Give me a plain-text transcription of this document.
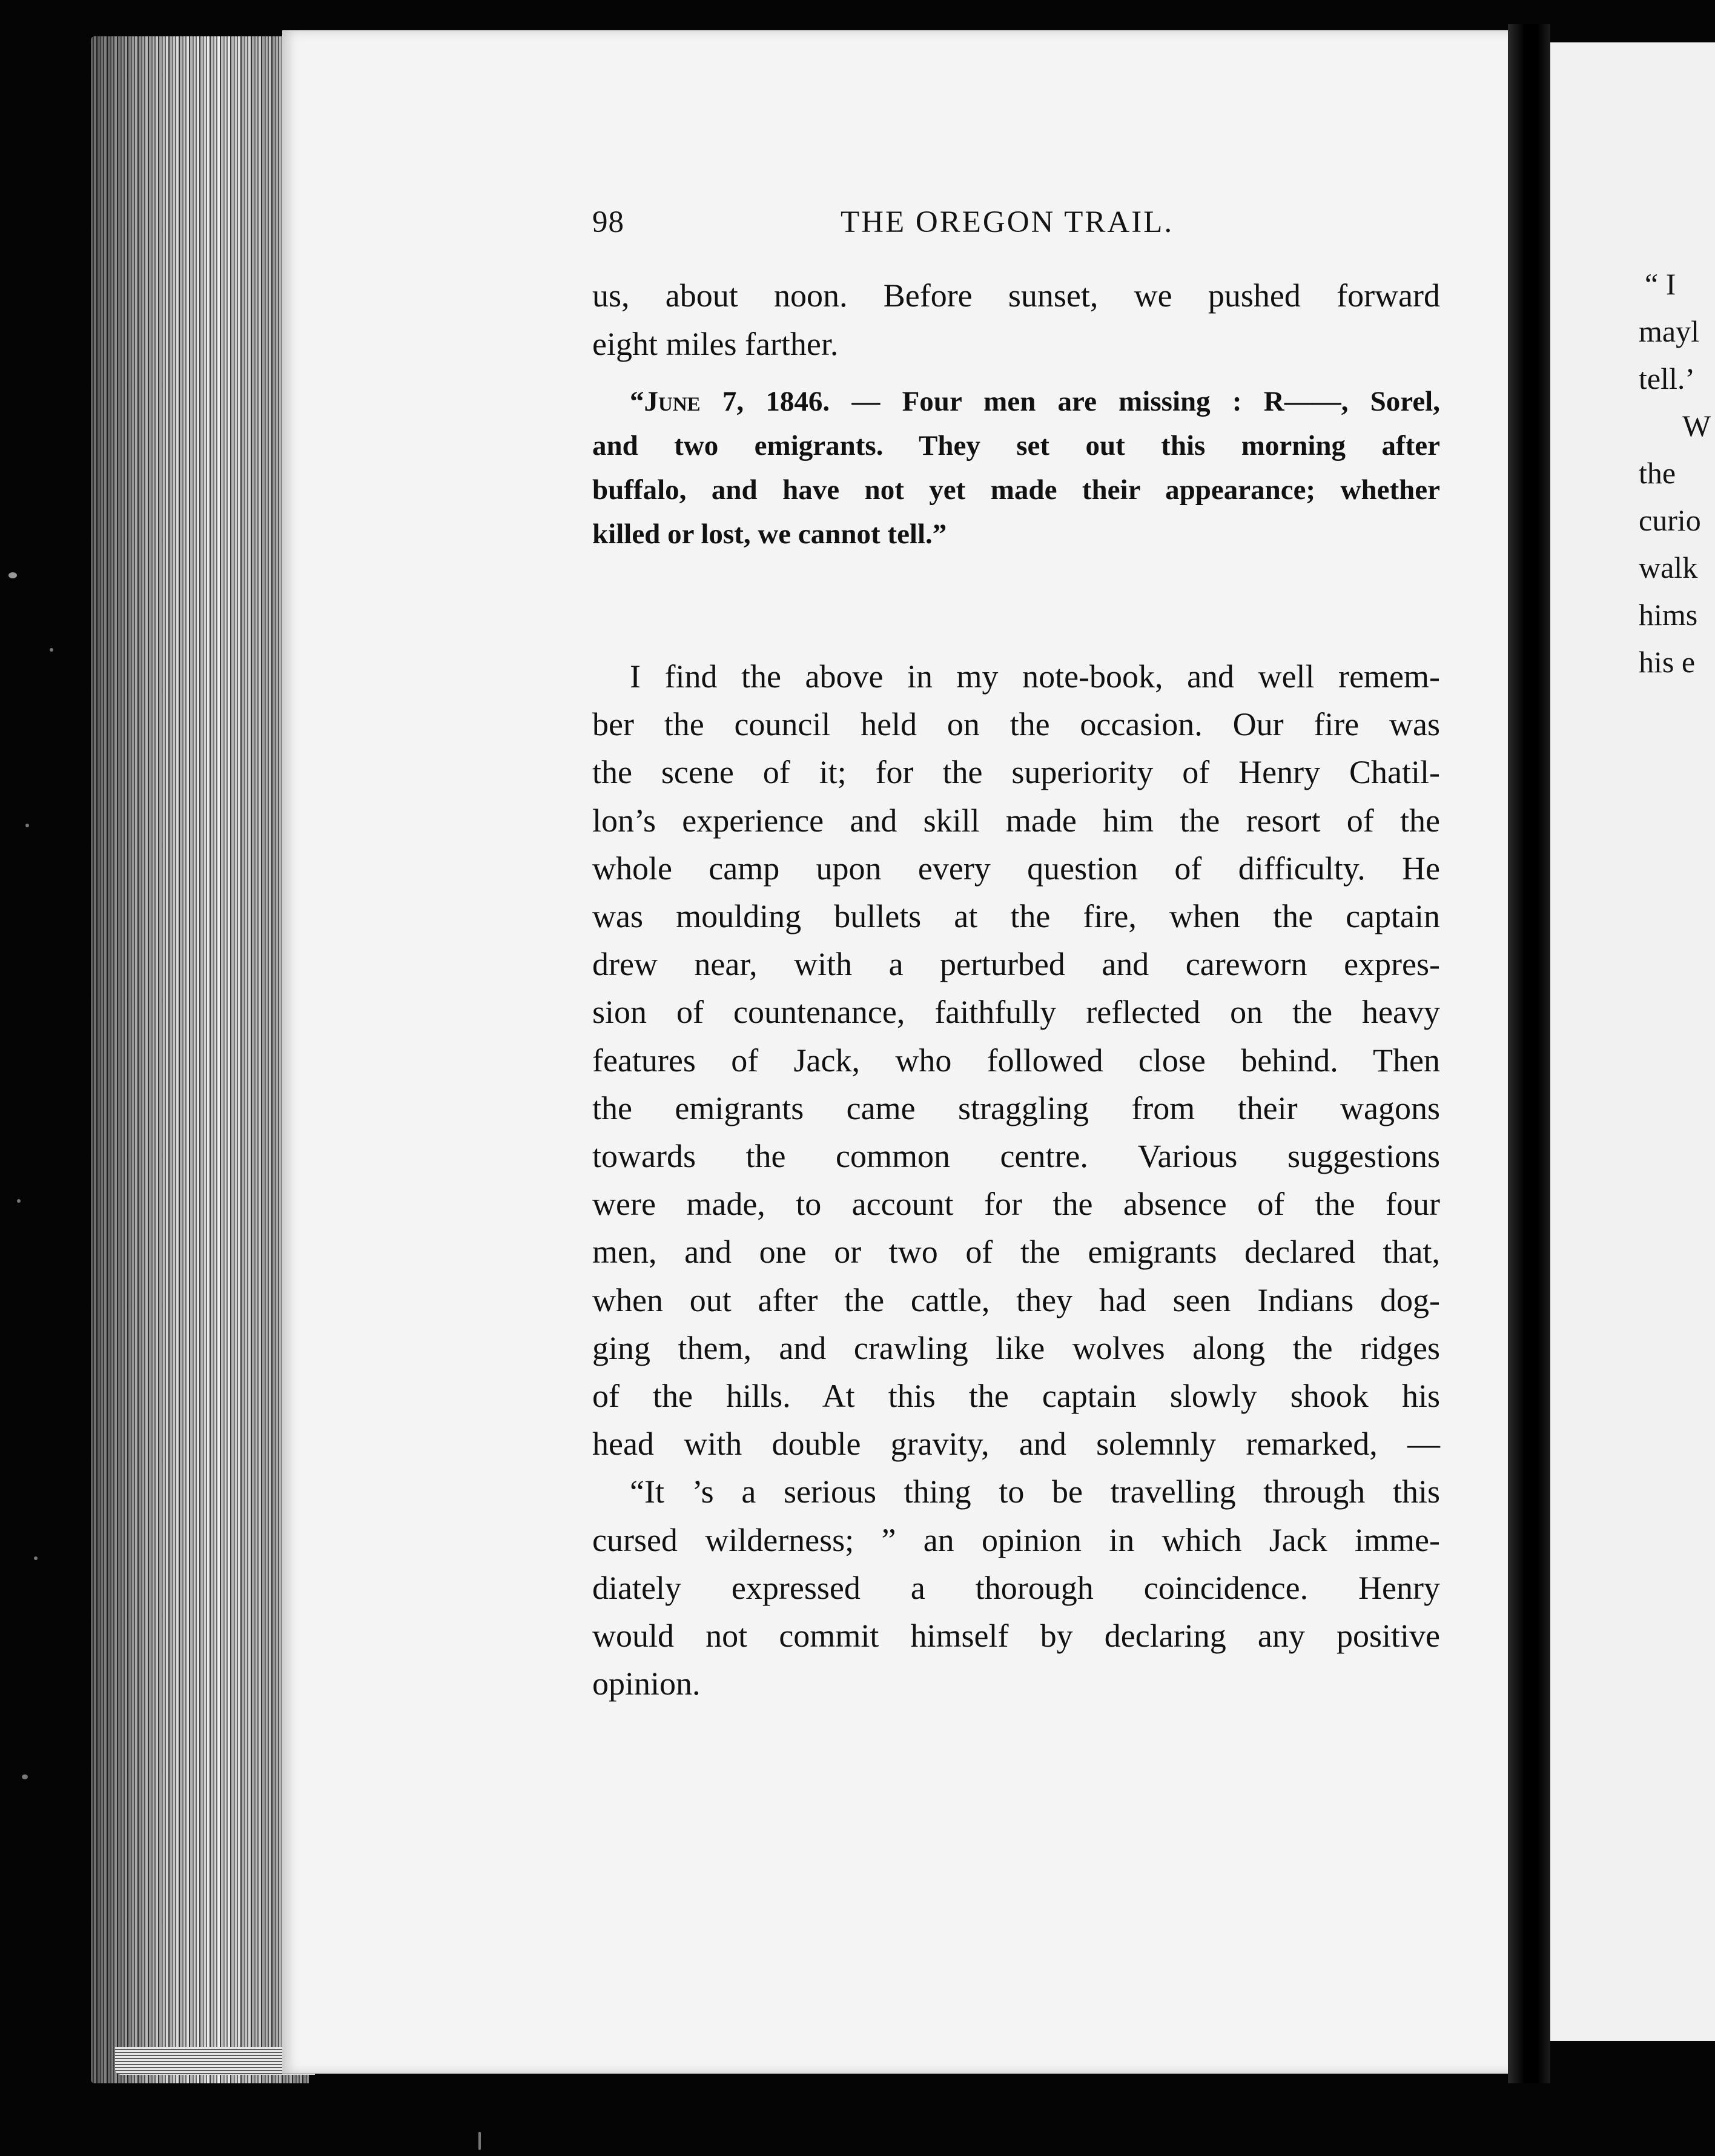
“ I
mayl
tell.’
W
the
curio
walk
hims
his e
98	THE OREGON TRAIL.
us, about noon. Before sunset, we pushed forward
eight miles farther.
“June 7, 1846. — Four men are missing : R——, Sorel,
and two emigrants. They set out this morning after
buffalo, and have not yet made their appearance; whether
killed or lost, we cannot tell.”
I find the above in my note-book, and well remem-
ber the council held on the occasion. Our fire was
the scene of it; for the superiority of Henry Chatil-
lon’s experience and skill made him the resort of the
whole camp upon every question of difficulty. He
was moulding bullets at the fire, when the captain
drew near, with a perturbed and careworn expres-
sion of countenance, faithfully reflected on the heavy
features of Jack, who followed close behind. Then
the emigrants came straggling from their wagons
towards the common centre. Various suggestions
were made, to account for the absence of the four
men, and one or two of the emigrants declared that,
when out after the cattle, they had seen Indians dog-
ging them, and crawling like wolves along the ridges
of the hills. At this the captain slowly shook his
head with double gravity, and solemnly remarked, —
“It ’s a serious thing to be travelling through this
cursed wilderness; ” an opinion in which Jack imme-
diately expressed a thorough coincidence. Henry
would not commit himself by declaring any positive
opinion.
